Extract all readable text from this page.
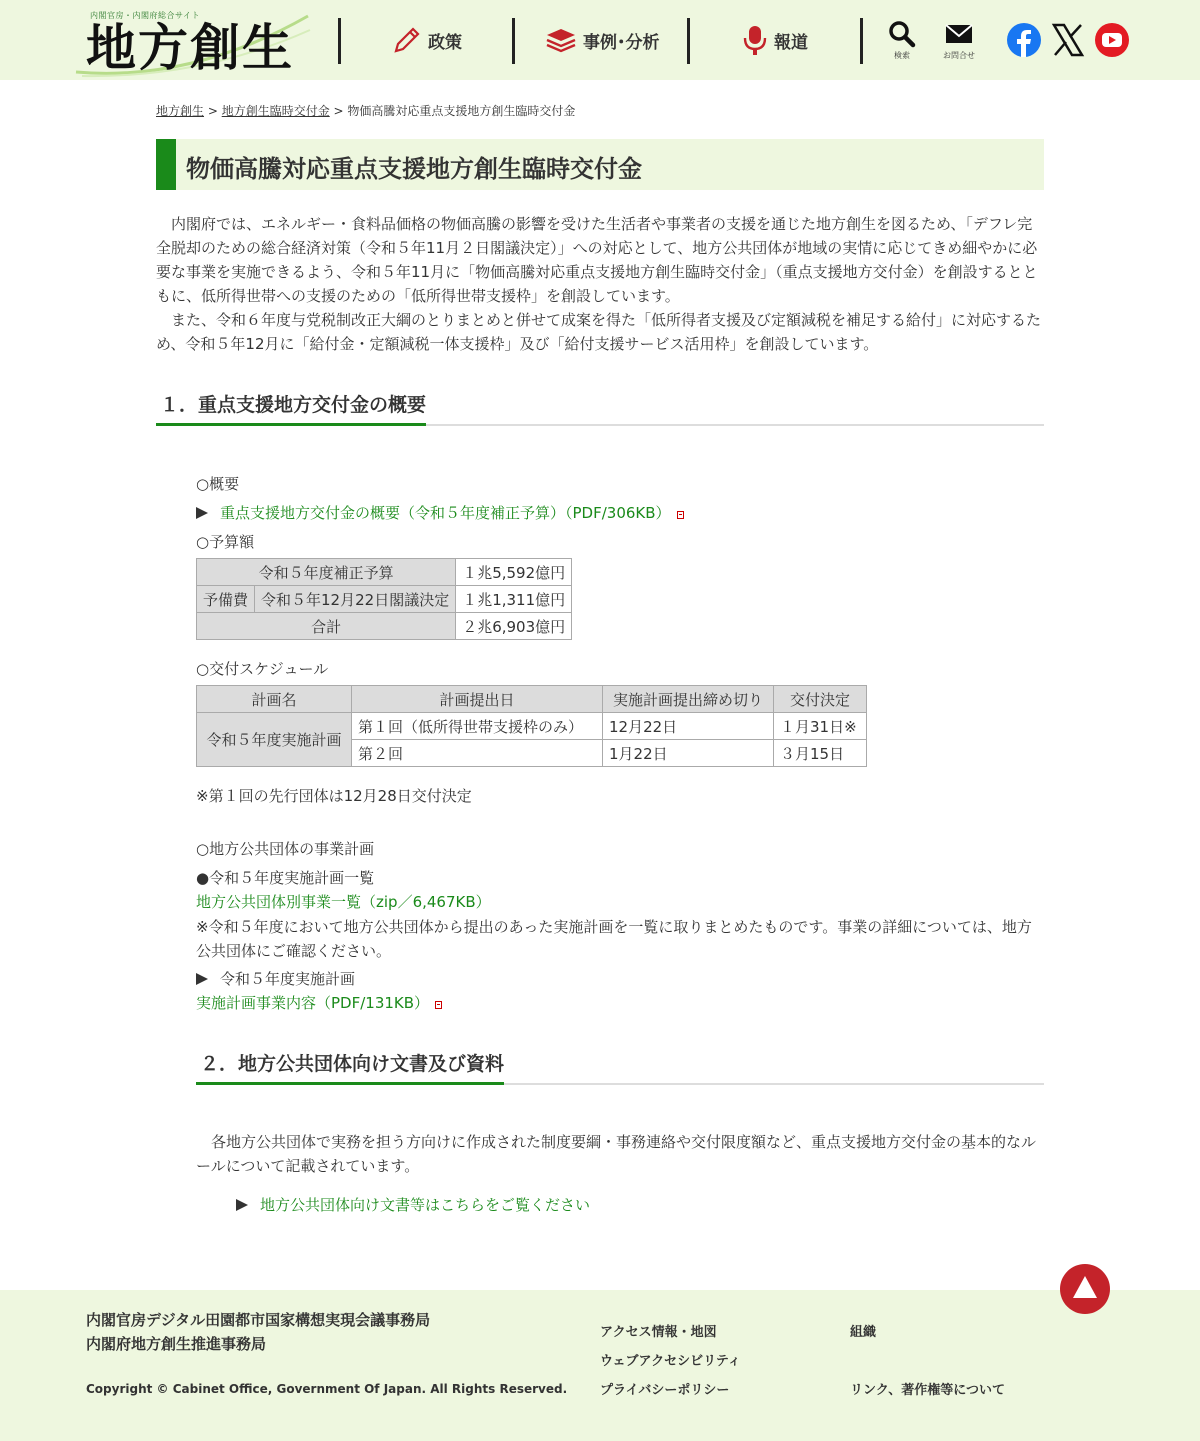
内閣官房・内閣府総合サイト
地方創生	政策	事例･分析	報道
検索	お問合せ
地方創生 > 地方創生臨時交付金 > 物価高騰対応重点支援地方創生臨時交付金
物価高騰対応重点支援地方創生臨時交付金

内閣府では、エネルギー・食料品価格の物価高騰の影響を受けた生活者や事業者の支援を通じた地方創生を図るため、「デフレ完全脱却のための総合経済対策（令和５年11月２日閣議決定）」への対応として、地方公共団体が地域の実情に応じてきめ細やかに必要な事業を実施できるよう、令和５年11月に「物価高騰対応重点支援地方創生臨時交付金」（重点支援地方交付金）を創設するとともに、低所得世帯への支援のための「低所得世帯支援枠」を創設しています。

また、令和６年度与党税制改正大綱のとりまとめと併せて成案を得た「低所得者支援及び定額減税を補足する給付」に対応するため、令和５年12月に「給付金・定額減税一体支援枠」及び「給付支援サービス活用枠」を創設しています。

１．重点支援地方交付金の概要
○概要
重点支援地方交付金の概要（令和５年度補正予算）（PDF/306KB）
○予算額
令和５年度補正予算		１兆5,592億円
予備費	令和５年12月22日閣議決定	１兆1,311億円
合計		２兆6,903億円
○交付スケジュール
計画名	計画提出日	実施計画提出締め切り	交付決定
令和５年度実施計画	第１回（低所得世帯支援枠のみ）	12月22日	１月31日※
	第２回	1月22日	３月15日
※第１回の先行団体は12月28日交付決定
○地方公共団体の事業計画
●令和５年度実施計画一覧
地方公共団体別事業一覧（zip／6,467KB）
※令和５年度において地方公共団体から提出のあった実施計画を一覧に取りまとめたものです。事業の詳細については、地方公共団体にご確認ください。
令和５年度実施計画
実施計画事業内容（PDF/131KB）
２．地方公共団体向け文書及び資料
各地方公共団体で実務を担う方向けに作成された制度要綱・事務連絡や交付限度額など、重点支援地方交付金の基本的なルールについて記載されています。
地方公共団体向け文書等はこちらをご覧ください
内閣官房デジタル田園都市国家構想実現会議事務局
内閣府地方創生推進事務局
Copyright © Cabinet Office, Government Of Japan. All Rights Reserved.
アクセス情報・地図	組織
ウェブアクセシビリティ
プライバシーポリシー	リンク、著作権等について
